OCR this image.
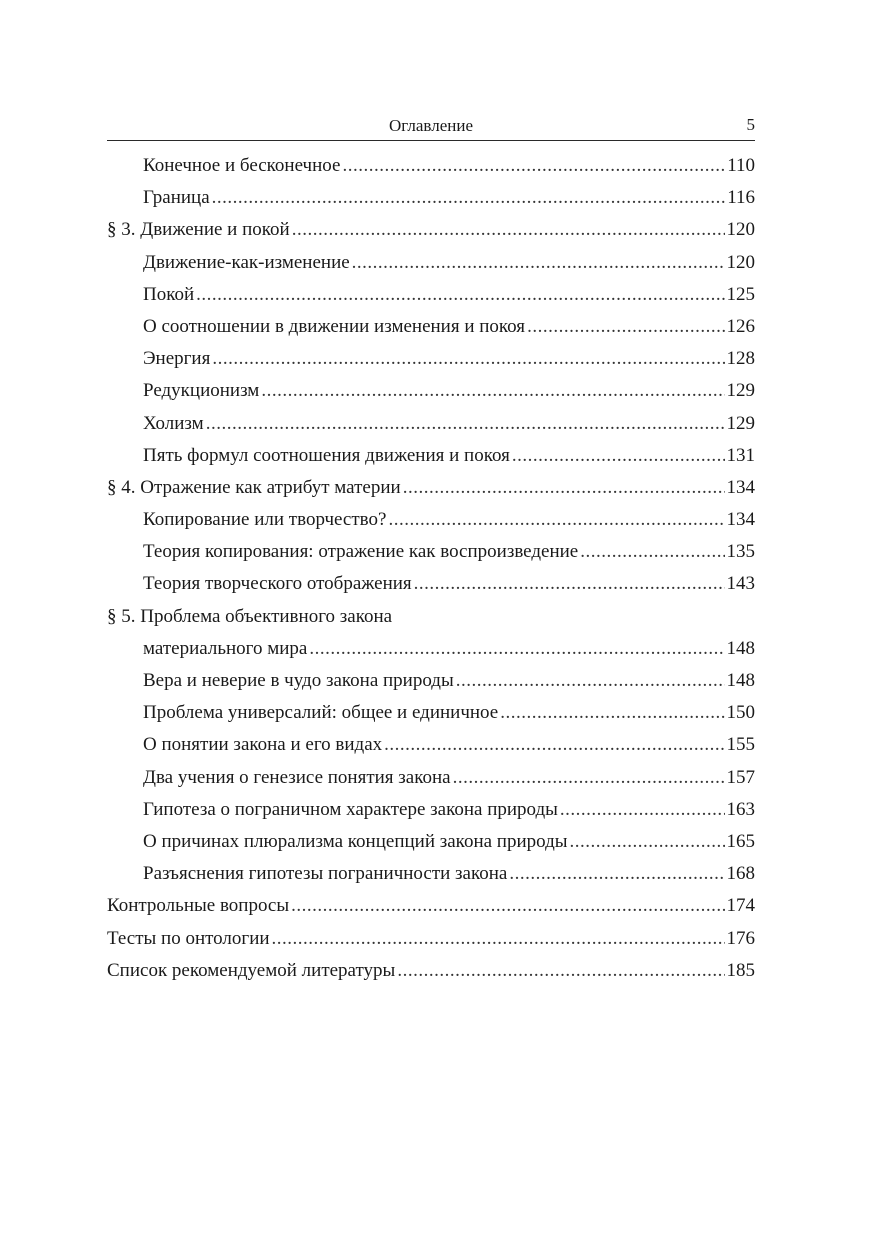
Оглавление	5
Конечное и бесконечное .....	110
Граница .....	116
§ 3. Движение и покой .....	120
Движение-как-изменение .....	120
Покой .....	125
О соотношении в движении изменения и покоя .....	126
Энергия .....	128
Редукционизм .....	129
Холизм .....	129
Пять формул соотношения движения и покоя .....	131
§ 4. Отражение как атрибут материи .....	134
Копирование или творчество? .....	134
Теория копирования: отражение как воспроизведение .....	135
Теория творческого отображения .....	143
§ 5. Проблема объективного закона
материального мира .....	148
Вера и неверие в чудо закона природы .....	148
Проблема универсалий: общее и единичное .....	150
О понятии закона и его видах .....	155
Два учения о генезисе понятия закона .....	157
Гипотеза о пограничном характере закона природы .....	163
О причинах плюрализма концепций закона природы .....	165
Разъяснения гипотезы пограничности закона .....	168
Контрольные вопросы .....	174
Тесты по онтологии .....	176
Список рекомендуемой литературы .....	185
